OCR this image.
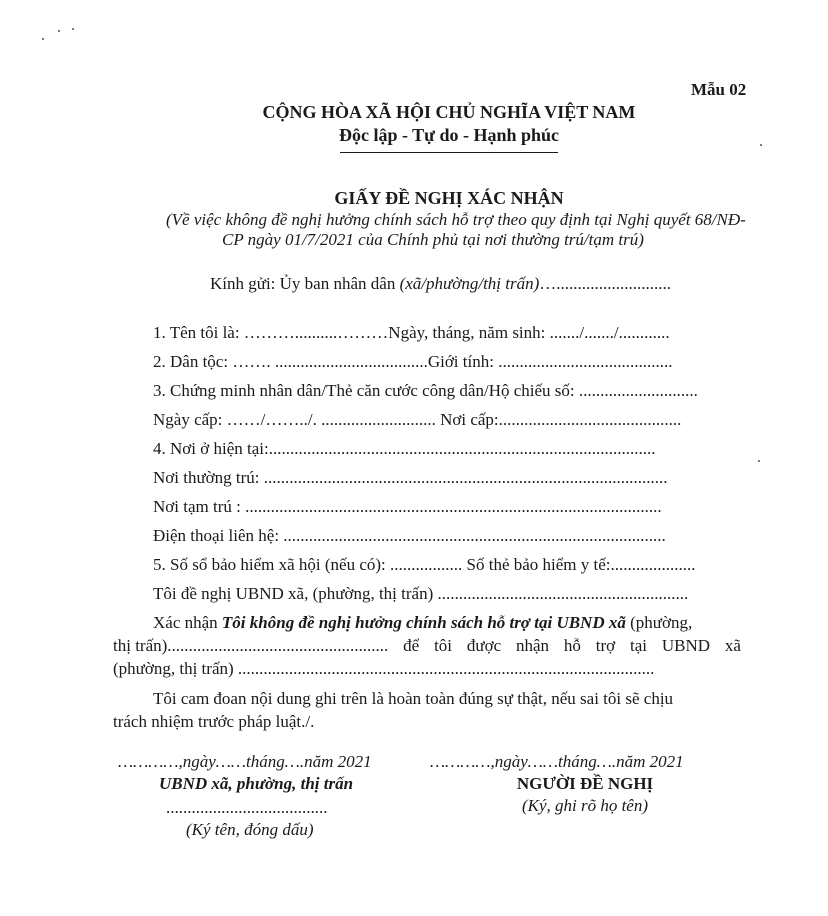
Mẫu 02
CỘNG HÒA XÃ HỘI CHỦ NGHĨA VIỆT NAM
Độc lập - Tự do - Hạnh phúc
GIẤY ĐỀ NGHỊ XÁC NHẬN
(Về việc không đề nghị hưởng chính sách hỗ trợ theo quy định tại Nghị quyết 68/NĐ-
CP ngày 01/7/2021 của Chính phủ tại nơi thường trú/tạm trú)
Kính gửi: Ủy ban nhân dân (xã/phường/thị trấn)…...........................
1. Tên tôi là: ………..........………Ngày, tháng, năm sinh: ......./......./............
2. Dân tộc: ……. ....................................Giới tính: .........................................
3. Chứng minh nhân dân/Thẻ căn cước công dân/Hộ chiếu số: ............................
Ngày cấp: ……/……../. ........................... Nơi cấp:...........................................
4. Nơi ở hiện tại:...........................................................................................
Nơi thường trú: ...............................................................................................
Nơi tạm trú : ..................................................................................................
Điện thoại liên hệ: ..........................................................................................
5. Số sổ bảo hiểm xã hội (nếu có): ................. Số thẻ bảo hiểm y tế:....................
Tôi đề nghị UBND xã, (phường, thị trấn) ...........................................................
Xác nhận Tôi không đề nghị hưởng chính sách hỗ trợ tại UBND xã (phường,
thị trấn).................................................... để tôi được nhận hỗ trợ tại UBND xã
(phường, thị trấn) ..................................................................................................
Tôi cam đoan nội dung ghi trên là hoàn toàn đúng sự thật, nếu sai tôi sẽ chịu
trách nhiệm trước pháp luật./.
…………,ngày……tháng….năm 2021
UBND xã, phường, thị trấn
......................................
(Ký tên, đóng dấu)
…………,ngày……tháng….năm 2021
NGƯỜI ĐỀ NGHỊ
(Ký, ghi rõ họ tên)
